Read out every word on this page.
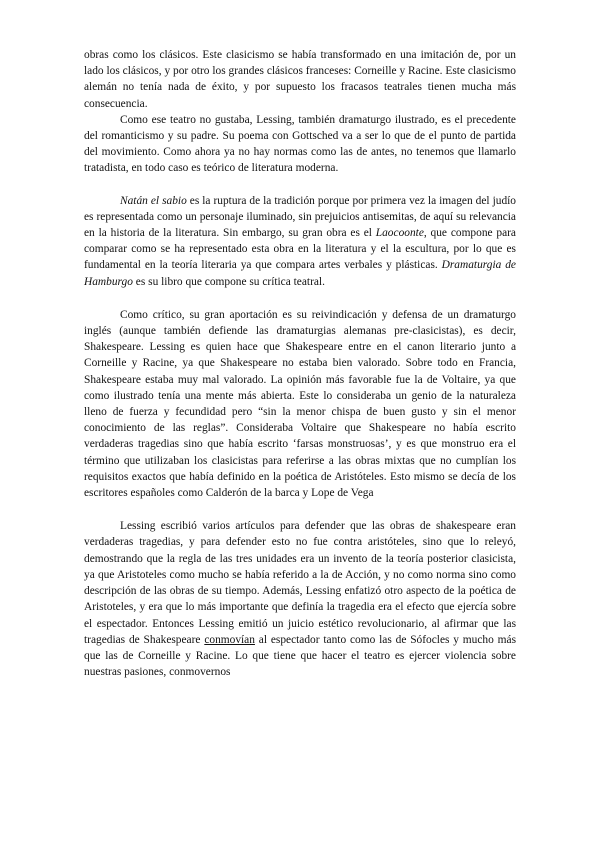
obras como los clásicos. Este clasicismo se había transformado en una imitación de, por un lado los clásicos, y por otro los grandes clásicos franceses: Corneille y Racine. Este clasicismo alemán no tenía nada de éxito, y por supuesto los fracasos teatrales tienen mucha más consecuencia.

Como ese teatro no gustaba, Lessing, también dramaturgo ilustrado, es el precedente del romanticismo y su padre. Su poema con Gottsched va a ser lo que de el punto de partida del movimiento. Como ahora ya no hay normas como las de antes, no tenemos que llamarlo tratadista, en todo caso es teórico de literatura moderna.

Natán el sabio es la ruptura de la tradición porque por primera vez la imagen del judío es representada como un personaje iluminado, sin prejuicios antisemitas, de aquí su relevancia en la historia de la literatura. Sin embargo, su gran obra es el Laocoonte, que compone para comparar como se ha representado esta obra en la literatura y el la escultura, por lo que es fundamental en la teoría literaria ya que compara artes verbales y plásticas. Dramaturgia de Hamburgo es su libro que compone su crítica teatral.

Como crítico, su gran aportación es su reivindicación y defensa de un dramaturgo inglés (aunque también defiende las dramaturgias alemanas pre-clasicistas), es decir, Shakespeare. Lessing es quien hace que Shakespeare entre en el canon literario junto a Corneille y Racine, ya que Shakespeare no estaba bien valorado. Sobre todo en Francia, Shakespeare estaba muy mal valorado. La opinión más favorable fue la de Voltaire, ya que como ilustrado tenía una mente más abierta. Este lo consideraba un genio de la naturaleza lleno de fuerza y fecundidad pero “sin la menor chispa de buen gusto y sin el menor conocimiento de las reglas”. Consideraba Voltaire que Shakespeare no había escrito verdaderas tragedias sino que había escrito ‘farsas monstruosas’, y es que monstruo era el término que utilizaban los clasicistas para referirse a las obras mixtas que no cumplían los requisitos exactos que había definido en la poética de Aristóteles. Esto mismo se decía de los escritores españoles como Calderón de la barca y Lope de Vega

Lessing escribió varios artículos para defender que las obras de shakespeare eran verdaderas tragedias, y para defender esto no fue contra aristóteles, sino que lo releyó, demostrando que la regla de las tres unidades era un invento de la teoría posterior clasicista, ya que Aristoteles como mucho se había referido a la de Acción, y no como norma sino como descripción de las obras de su tiempo. Además, Lessing enfatizó otro aspecto de la poética de Aristoteles, y era que lo más importante que definía la tragedia era el efecto que ejercía sobre el espectador. Entonces Lessing emitió un juicio estético revolucionario, al afirmar que las tragedias de Shakespeare conmovían al espectador tanto como las de Sófocles y mucho más que las de Corneille y Racine. Lo que tiene que hacer el teatro es ejercer violencia sobre nuestras pasiones, conmovernos
